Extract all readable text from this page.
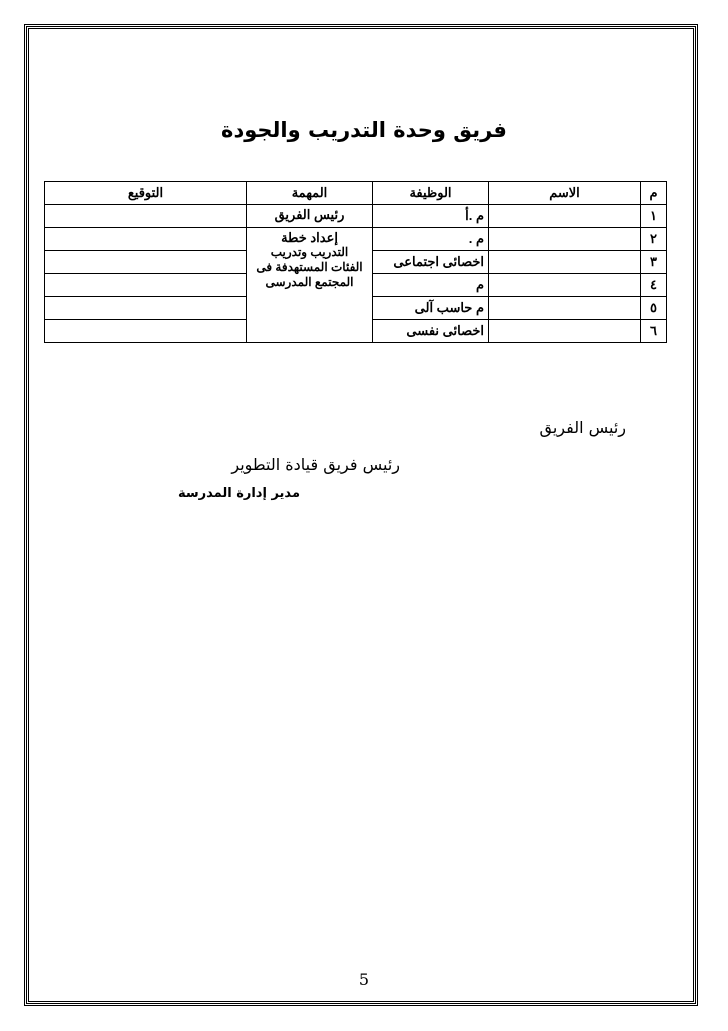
فريق وحدة التدريب والجودة
م	الاسم	الوظيفة	المهمة	التوقيع
١		م .أ	رئيس الفريق	
٢		م .	إعداد خطة
التدريب وتدريب
الفئات المستهدفة فى
المجتمع المدرسى	

٣		اخصائى اجتماعى		
٤		م		
٥		م حاسب آلى		
٦		اخصائى نفسى		
رئيس الفريق
رئيس فريق قيادة التطوير
مدير إدارة المدرسة
5
